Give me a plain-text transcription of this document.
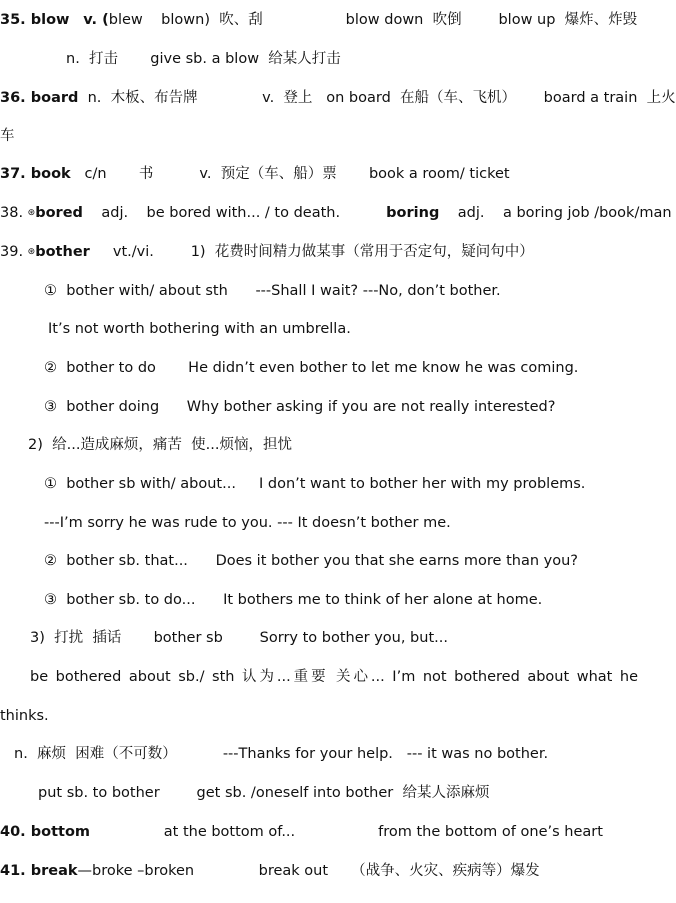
35. blow v. (blew    blown)  吹、刮                  blow down  吹倒        blow up  爆炸、炸毁
n.  打击       give sb. a blow  给某人打击
36. board  n.  木板、布告牌              v.  登上   on board  在船（车、飞机）      board a train  上火
车
37. book   c/n       书          v.  预定（车、船）票       book a room/ ticket
38. ⊛bored    adj.    be bored with... / to death.          boring    adj.    a boring job /book/man
39. ⊛bother     vt./vi.        1)  花费时间精力做某事（常用于否定句，疑问句中）
①  bother with/ about sth      ---Shall I wait? ---No, don’t bother.
It’s not worth bothering with an umbrella.
②  bother to do       He didn’t even bother to let me know he was coming.
③  bother doing      Why bother asking if you are not really interested?
2)  给...造成麻烦，痛苦  使...烦恼，担忧
①  bother sb with/ about...     I don’t want to bother her with my problems.
---I’m sorry he was rude to you. --- It doesn’t bother me.
②  bother sb. that...      Does it bother you that she earns more than you?
③  bother sb. to do...      It bothers me to think of her alone at home.
3)  打扰  插话       bother sb        Sorry to bother you, but...
be bothered about sb./ sth 认为...重要 关心... I’m not bothered about what he
thinks.
n.  麻烦  困难（不可数）          ---Thanks for your help.   --- it was no bother.
put sb. to bother        get sb. /oneself into bother  给某人添麻烦
40. bottom                at the bottom of...                  from the bottom of one’s heart
41. break—broke –broken              break out     （战争、火灾、疾病等）爆发
